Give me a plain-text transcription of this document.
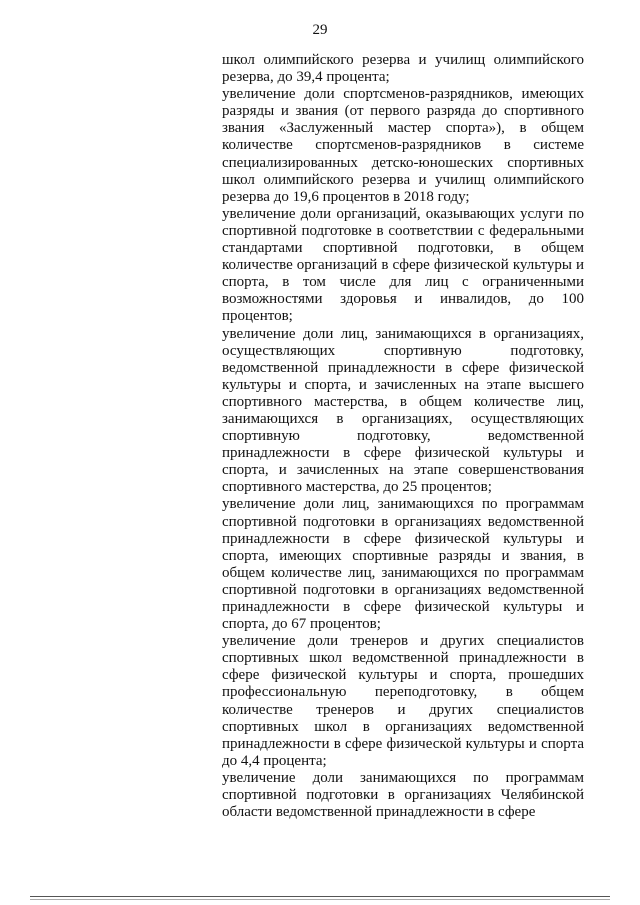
29

школ олимпийского резерва и училищ олимпийского резерва, до 39,4 процента;

увеличение доли спортсменов-разрядников, имеющих разряды и звания (от первого разряда до спортивного звания «Заслуженный мастер спорта»), в общем количестве спортсменов-разрядников в системе специализированных детско-юношеских спортивных школ олимпийского резерва и училищ олимпийского резерва до 19,6 процентов в 2018 году;

увеличение доли организаций, оказывающих услуги по спортивной подготовке в соответствии с федеральными стандартами спортивной подготовки, в общем количестве организаций в сфере физической культуры и спорта, в том числе для лиц с ограниченными возможностями здоровья и инвалидов, до 100 процентов;

увеличение доли лиц, занимающихся в организациях, осуществляющих спортивную подготовку, ведомственной принадлежности в сфере физической культуры и спорта, и зачисленных на этапе высшего спортивного мастерства, в общем количестве лиц, занимающихся в организациях, осуществляющих спортивную подготовку, ведомственной принадлежности в сфере физической культуры и спорта, и зачисленных на этапе совершенствования спортивного мастерства, до 25 процентов;

увеличение доли лиц, занимающихся по программам спортивной подготовки в организациях ведомственной принадлежности в сфере физической культуры и спорта, имеющих спортивные разряды и звания, в общем количестве лиц, занимающихся по программам спортивной подготовки в организациях ведомственной принадлежности в сфере физической культуры и спорта, до 67 процентов;

увеличение доли тренеров и других специалистов спортивных школ ведомственной принадлежности в сфере физической культуры и спорта, прошедших профессиональную переподготовку, в общем количестве тренеров и других специалистов спортивных школ в организациях ведомственной принадлежности в сфере физической культуры и спорта до 4,4 процента;

увеличение доли занимающихся по программам спортивной подготовки в организациях Челябинской области ведомственной принадлежности в сфере
